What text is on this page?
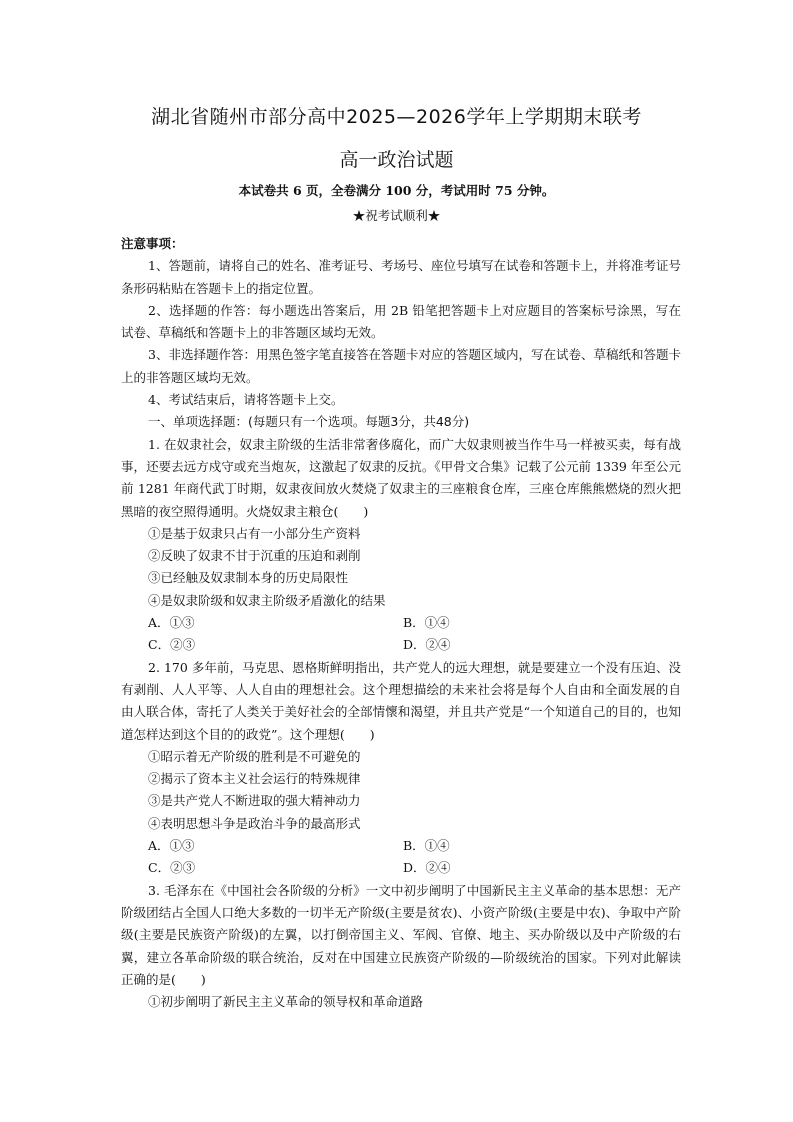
湖北省随州市部分高中2025—2026学年上学期期末联考
高一政治试题
本试卷共 6 页，全卷满分 100 分，考试用时 75 分钟。
★祝考试顺利★

注意事项：

1、答题前，请将自己的姓名、准考证号、考场号、座位号填写在试卷和答题卡上，并将准考证号条形码粘贴在答题卡上的指定位置。

2、选择题的作答：每小题选出答案后，用 2B 铅笔把答题卡上对应题目的答案标号涂黑，写在试卷、草稿纸和答题卡上的非答题区域均无效。

3、非选择题作答：用黑色签字笔直接答在答题卡对应的答题区域内，写在试卷、草稿纸和答题卡上的非答题区域均无效。

4、考试结束后，请将答题卡上交。

一、单项选择题：(每题只有一个选项。每题3分，共48分)

1. 在奴隶社会，奴隶主阶级的生活非常奢侈腐化，而广大奴隶则被当作牛马一样被买卖，每有战事，还要去远方戍守或充当炮灰，这激起了奴隶的反抗。《甲骨文合集》记载了公元前 1339 年至公元前 1281 年商代武丁时期，奴隶夜间放火焚烧了奴隶主的三座粮食仓库，三座仓库熊熊燃烧的烈火把黑暗的夜空照得通明。火烧奴隶主粮仓(　　)

①是基于奴隶只占有一小部分生产资料

②反映了奴隶不甘于沉重的压迫和剥削

③已经触及奴隶制本身的历史局限性

④是奴隶阶级和奴隶主阶级矛盾激化的结果

A．①③	B．①④
C．②③	D．②④

2. 170 多年前，马克思、恩格斯鲜明指出，共产党人的远大理想，就是要建立一个没有压迫、没有剥削、人人平等、人人自由的理想社会。这个理想描绘的未来社会将是每个人自由和全面发展的自由人联合体，寄托了人类关于美好社会的全部情懷和渴望，并且共产党是“一个知道自己的目的，也知道怎样达到这个目的的政党”。这个理想(　　)

①昭示着无产阶级的胜利是不可避免的

②揭示了资本主义社会运行的特殊规律

③是共产党人不断进取的强大精神动力

④表明思想斗争是政治斗争的最高形式

A．①③	B．①④
C．②③	D．②④

3. 毛泽东在《中国社会各阶级的分析》一文中初步阐明了中国新民主主义革命的基本思想：无产阶级团结占全国人口绝大多数的一切半无产阶级(主要是贫农)、小资产阶级(主要是中农)、争取中产阶级(主要是民族资产阶级)的左翼，以打倒帝国主义、军阀、官僚、地主、买办阶级以及中产阶级的右翼，建立各革命阶级的联合统治，反对在中国建立民族资产阶级的—阶级统治的国家。下列对此解读正确的是(　　)

①初步阐明了新民主主义革命的领导权和革命道路
